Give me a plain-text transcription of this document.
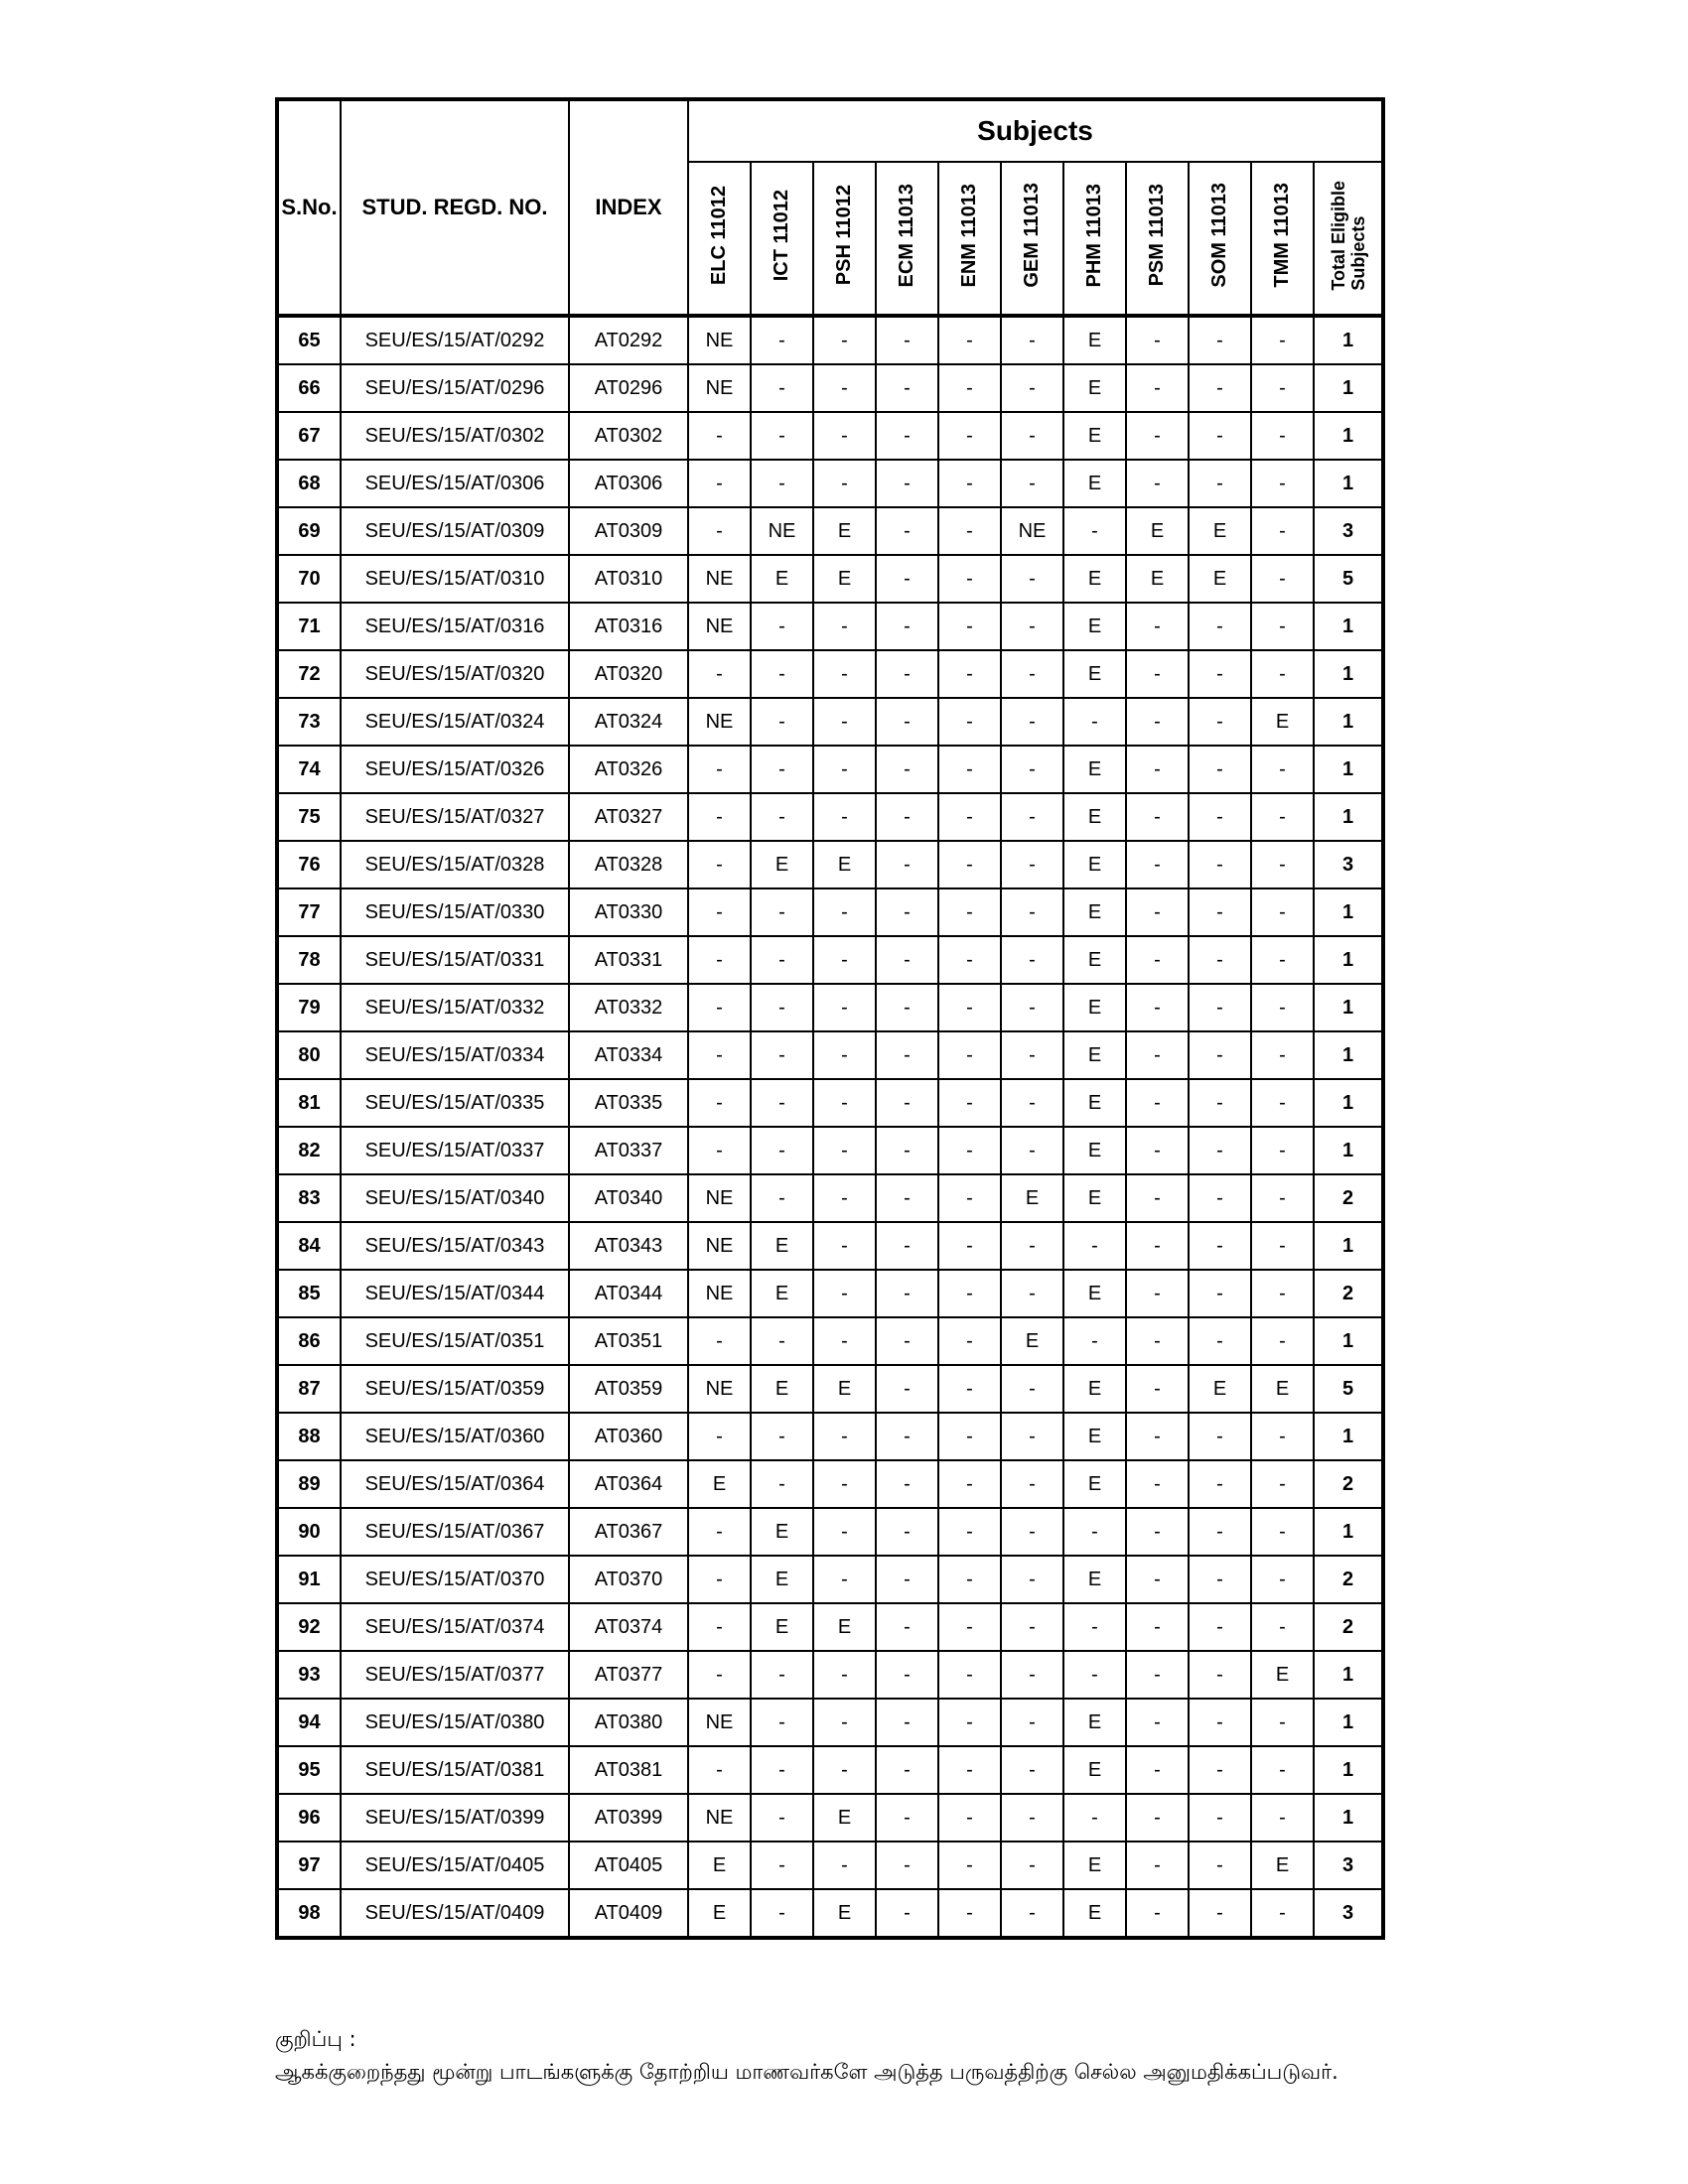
S.No.	STUD. REGD. NO.	INDEX	Subjects										
			ELC 11012	ICT 11012	PSH 11012	ECM 11013	ENM 11013	GEM 11013	PHM 11013	PSM 11013	SOM 11013	TMM 11013	Total Eligible
Subjects
65	SEU/ES/15/AT/0292	AT0292	NE	-	-	-	-	-	E	-	-	-	1
66	SEU/ES/15/AT/0296	AT0296	NE	-	-	-	-	-	E	-	-	-	1
67	SEU/ES/15/AT/0302	AT0302	-	-	-	-	-	-	E	-	-	-	1
68	SEU/ES/15/AT/0306	AT0306	-	-	-	-	-	-	E	-	-	-	1
69	SEU/ES/15/AT/0309	AT0309	-	NE	E	-	-	NE	-	E	E	-	3
70	SEU/ES/15/AT/0310	AT0310	NE	E	E	-	-	-	E	E	E	-	5
71	SEU/ES/15/AT/0316	AT0316	NE	-	-	-	-	-	E	-	-	-	1
72	SEU/ES/15/AT/0320	AT0320	-	-	-	-	-	-	E	-	-	-	1
73	SEU/ES/15/AT/0324	AT0324	NE	-	-	-	-	-	-	-	-	E	1
74	SEU/ES/15/AT/0326	AT0326	-	-	-	-	-	-	E	-	-	-	1
75	SEU/ES/15/AT/0327	AT0327	-	-	-	-	-	-	E	-	-	-	1
76	SEU/ES/15/AT/0328	AT0328	-	E	E	-	-	-	E	-	-	-	3
77	SEU/ES/15/AT/0330	AT0330	-	-	-	-	-	-	E	-	-	-	1
78	SEU/ES/15/AT/0331	AT0331	-	-	-	-	-	-	E	-	-	-	1
79	SEU/ES/15/AT/0332	AT0332	-	-	-	-	-	-	E	-	-	-	1
80	SEU/ES/15/AT/0334	AT0334	-	-	-	-	-	-	E	-	-	-	1
81	SEU/ES/15/AT/0335	AT0335	-	-	-	-	-	-	E	-	-	-	1
82	SEU/ES/15/AT/0337	AT0337	-	-	-	-	-	-	E	-	-	-	1
83	SEU/ES/15/AT/0340	AT0340	NE	-	-	-	-	E	E	-	-	-	2
84	SEU/ES/15/AT/0343	AT0343	NE	E	-	-	-	-	-	-	-	-	1
85	SEU/ES/15/AT/0344	AT0344	NE	E	-	-	-	-	E	-	-	-	2
86	SEU/ES/15/AT/0351	AT0351	-	-	-	-	-	E	-	-	-	-	1
87	SEU/ES/15/AT/0359	AT0359	NE	E	E	-	-	-	E	-	E	E	5
88	SEU/ES/15/AT/0360	AT0360	-	-	-	-	-	-	E	-	-	-	1
89	SEU/ES/15/AT/0364	AT0364	E	-	-	-	-	-	E	-	-	-	2
90	SEU/ES/15/AT/0367	AT0367	-	E	-	-	-	-	-	-	-	-	1
91	SEU/ES/15/AT/0370	AT0370	-	E	-	-	-	-	E	-	-	-	2
92	SEU/ES/15/AT/0374	AT0374	-	E	E	-	-	-	-	-	-	-	2
93	SEU/ES/15/AT/0377	AT0377	-	-	-	-	-	-	-	-	-	E	1
94	SEU/ES/15/AT/0380	AT0380	NE	-	-	-	-	-	E	-	-	-	1
95	SEU/ES/15/AT/0381	AT0381	-	-	-	-	-	-	E	-	-	-	1
96	SEU/ES/15/AT/0399	AT0399	NE	-	E	-	-	-	-	-	-	-	1
97	SEU/ES/15/AT/0405	AT0405	E	-	-	-	-	-	E	-	-	E	3
98	SEU/ES/15/AT/0409	AT0409	E	-	E	-	-	-	E	-	-	-	3
குறிப்பு :
ஆகக்குறைந்தது மூன்று பாடங்களுக்கு தோற்றிய மாணவர்களே அடுத்த பருவத்திற்கு செல்ல அனுமதிக்கப்படுவர்.
